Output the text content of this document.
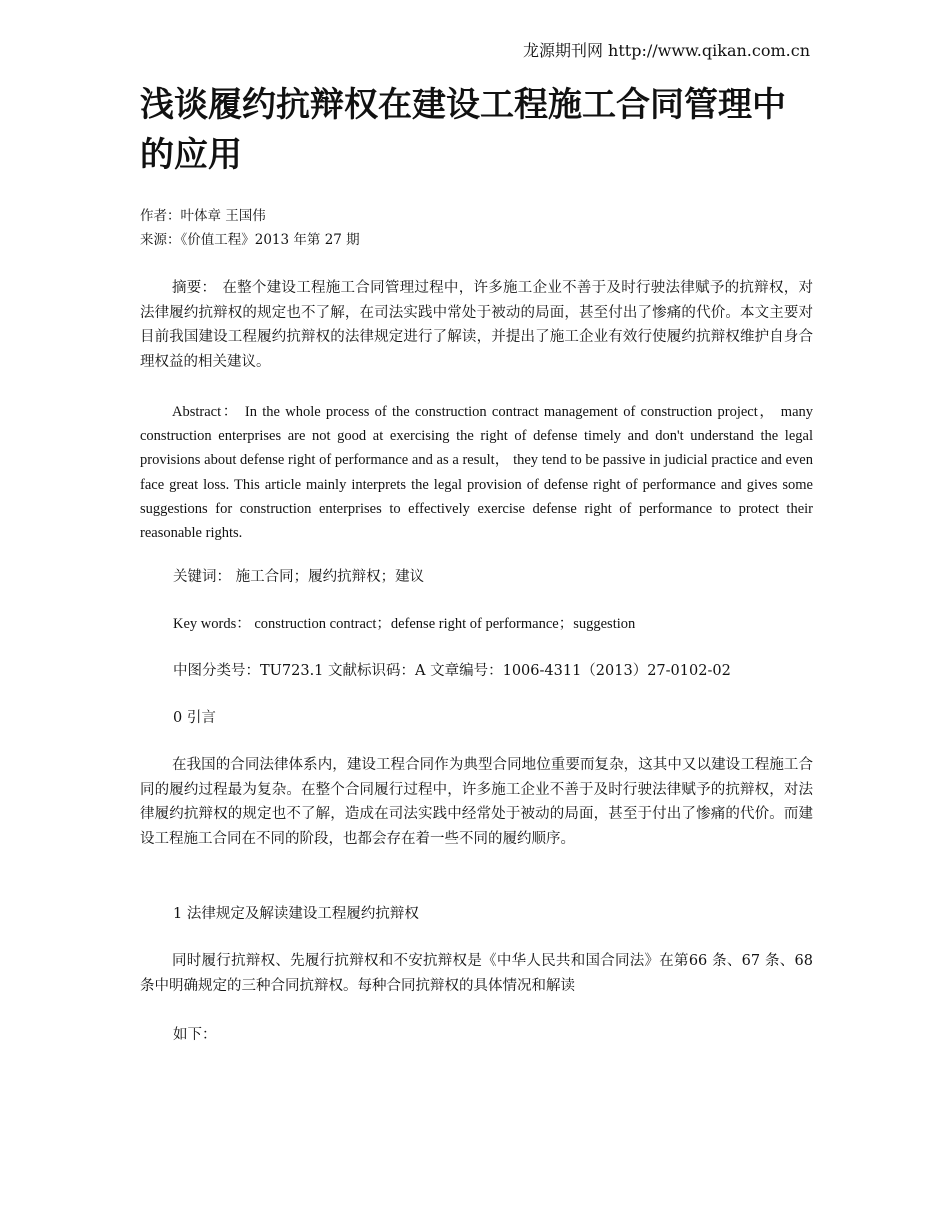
龙源期刊网 http://www.qikan.com.cn
浅谈履约抗辩权在建设工程施工合同管理中的应用
作者：叶体章 王国伟
来源：《价值工程》2013 年第 27 期

摘要： 在整个建设工程施工合同管理过程中，许多施工企业不善于及时行驶法律赋予的抗辩权，对法律履约抗辩权的规定也不了解，在司法实践中常处于被动的局面，甚至付出了惨痛的代价。本文主要对目前我国建设工程履约抗辩权的法律规定进行了解读，并提出了施工企业有效行使履约抗辩权维护自身合理权益的相关建议。

Abstract： In the whole process of the construction contract management of construction project， many construction enterprises are not good at exercising the right of defense timely and don't understand the legal provisions about defense right of performance and as a result， they tend to be passive in judicial practice and even face great loss. This article mainly interprets the legal provision of defense right of performance and gives some suggestions for construction enterprises to effectively exercise defense right of performance to protect their reasonable rights.

关键词： 施工合同；履约抗辩权；建议
Key words： construction contract；defense right of performance；suggestion
中图分类号：TU723.1 文献标识码：A 文章编号：1006-4311（2013）27-0102-02
0 引言

在我国的合同法律体系内，建设工程合同作为典型合同地位重要而复杂，这其中又以建设工程施工合同的履约过程最为复杂。在整个合同履行过程中，许多施工企业不善于及时行驶法律赋予的抗辩权，对法律履约抗辩权的规定也不了解，造成在司法实践中经常处于被动的局面，甚至于付出了惨痛的代价。而建设工程施工合同在不同的阶段，也都会存在着一些不同的履约顺序。

1 法律规定及解读建设工程履约抗辩权

同时履行抗辩权、先履行抗辩权和不安抗辩权是《中华人民共和国合同法》在第66 条、67 条、68 条中明确规定的三种合同抗辩权。每种合同抗辩权的具体情况和解读

如下：
